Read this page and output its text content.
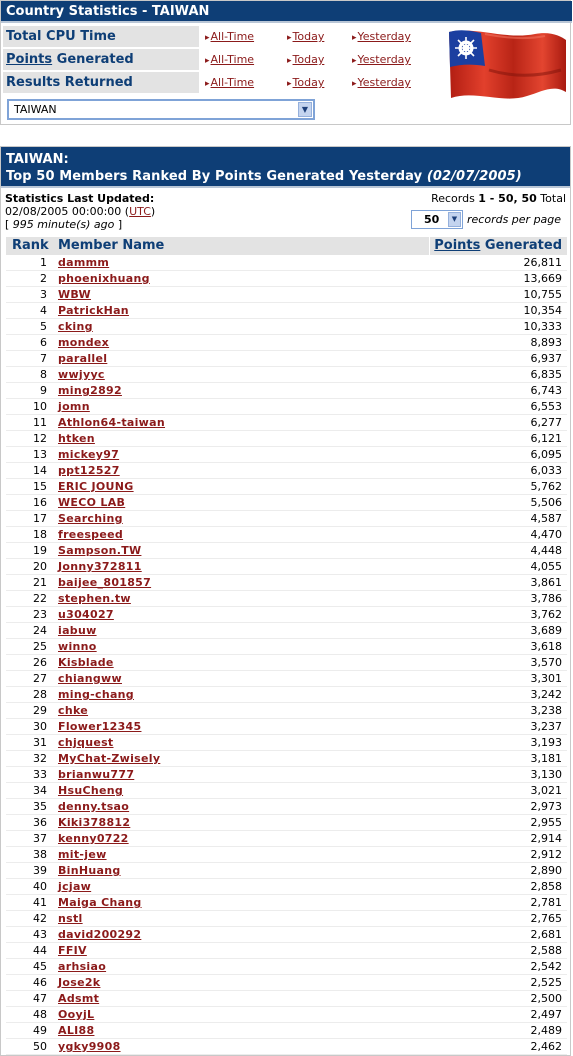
Country Statistics - TAIWAN
Total CPU Time	▸ All-Time	▸ Today	▸ Yesterday
Points Generated	▸ All-Time	▸ Today	▸ Yesterday
Results Returned	▸ All-Time	▸ Today	▸ Yesterday
TAIWAN	▼
TAIWAN:
Top 50 Members Ranked By Points Generated Yesterday (02/07/2005)
Statistics Last Updated:
02/08/2005 00:00:00 (UTC)
[ 995 minute(s) ago ]
Records 1 - 50, 50 Total
50	▼ records per page
Rank Member Name	Points Generated
1 dammm	26,811
2 phoenixhuang	13,669
3 WBW	10,755
4 PatrickHan	10,354
5 cking	10,333
6 mondex	8,893
7 parallel	6,937
8 wwjyyc	6,835
9 ming2892	6,743
10 jomn	6,553
11 Athlon64-taiwan	6,277
12 htken	6,121
13 mickey97	6,095
14 ppt12527	6,033
15 ERIC JOUNG	5,762
16 WECO LAB	5,506
17 Searching	4,587
18 freespeed	4,470
19 Sampson.TW	4,448
20 Jonny372811	4,055
21 baijee_801857	3,861
22 stephen.tw	3,786
23 u304027	3,762
24 iabuw	3,689
25 winno	3,618
26 Kisblade	3,570
27 chiangww	3,301
28 ming-chang	3,242
29 chke	3,238
30 Flower12345	3,237
31 chjquest	3,193
32 MyChat-Zwisely	3,181
33 brianwu777	3,130
34 HsuCheng	3,021
35 denny.tsao	2,973
36 Kiki378812	2,955
37 kenny0722	2,914
38 mit-jew	2,912
39 BinHuang	2,890
40 jcjaw	2,858
41 Maiga Chang	2,781
42 nstl	2,765
43 david200292	2,681
44 FFIV	2,588
45 arhsiao	2,542
46 Jose2k	2,525
47 Adsmt	2,500
48 OoyjL	2,497
49 ALI88	2,489
50 ygky9908	2,462
